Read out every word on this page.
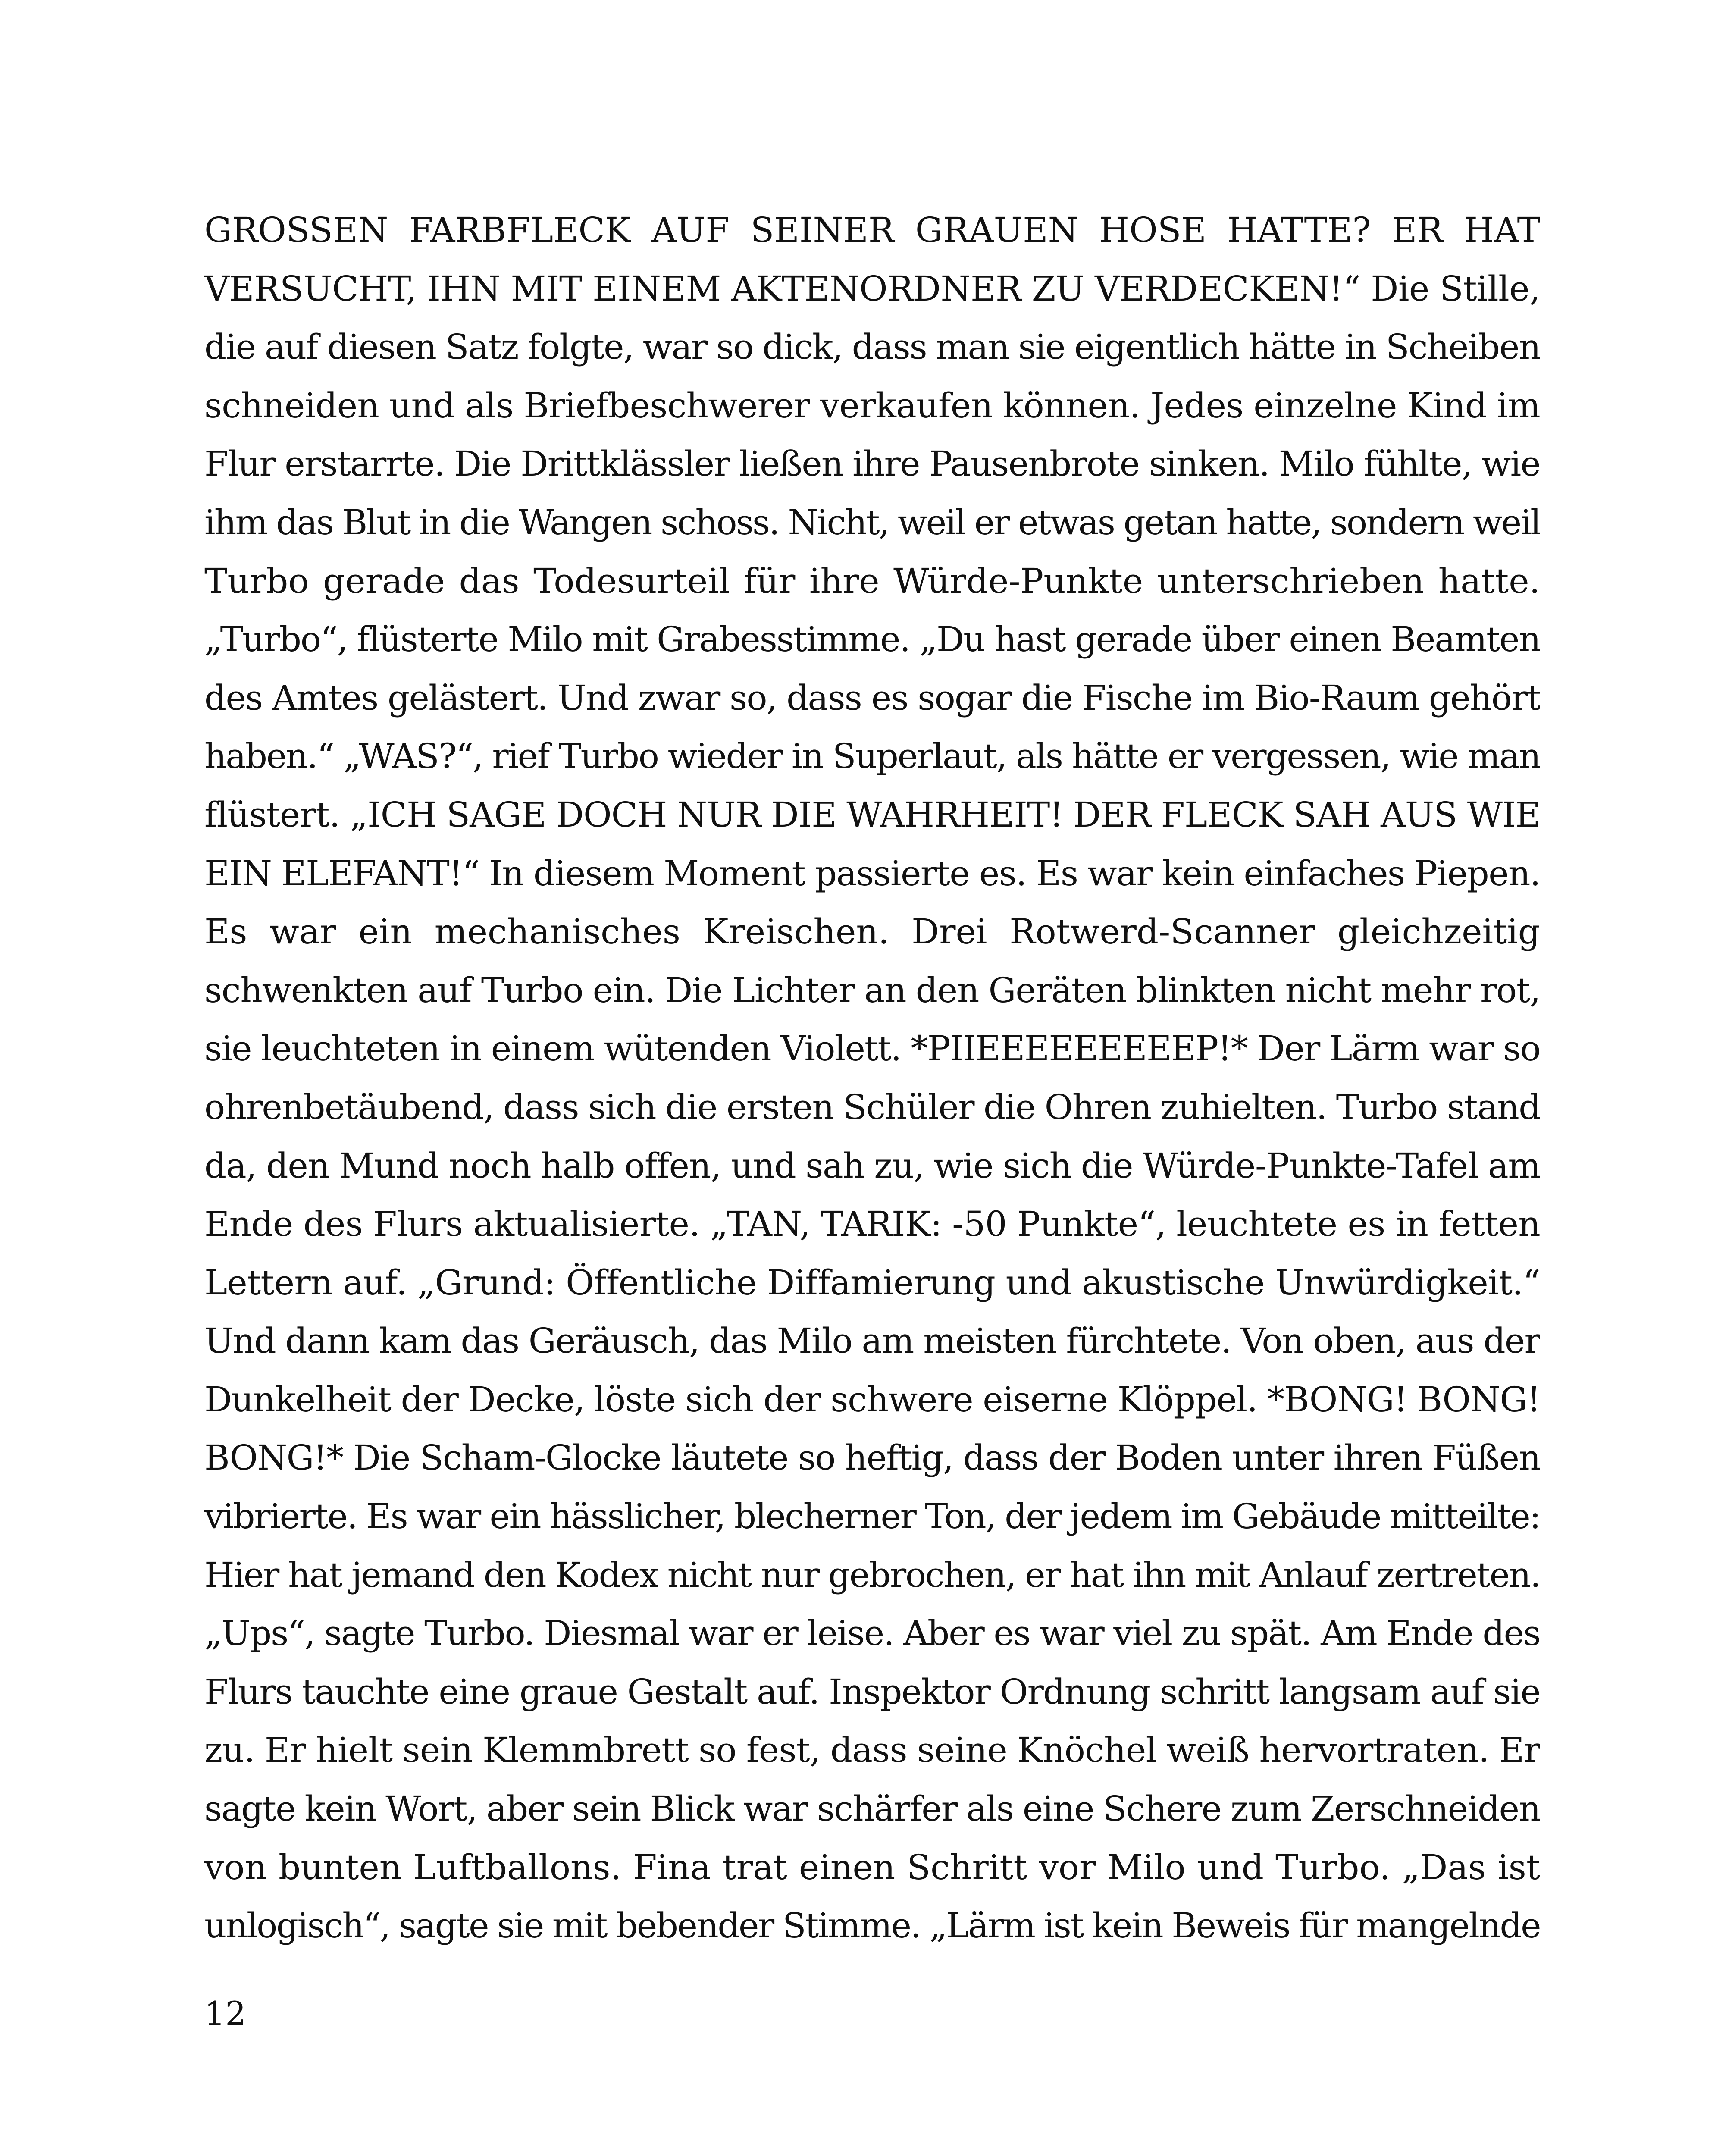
GROSSEN FARBFLECK AUF SEINER GRAUEN HOSE HATTE? ER HAT
VERSUCHT, IHN MIT EINEM AKTENORDNER ZU VERDECKEN!“ Die Stille,
die auf diesen Satz folgte, war so dick, dass man sie eigentlich hätte in Scheiben
schneiden und als Briefbeschwerer verkaufen können. Jedes einzelne Kind im
Flur erstarrte. Die Drittklässler ließen ihre Pausenbrote sinken. Milo fühlte, wie
ihm das Blut in die Wangen schoss. Nicht, weil er etwas getan hatte, sondern weil
Turbo gerade das Todesurteil für ihre Würde-Punkte unterschrieben hatte.
„Turbo“, flüsterte Milo mit Grabesstimme. „Du hast gerade über einen Beamten
des Amtes gelästert. Und zwar so, dass es sogar die Fische im Bio-Raum gehört
haben.“ „WAS?“, rief Turbo wieder in Superlaut, als hätte er vergessen, wie man
flüstert. „ICH SAGE DOCH NUR DIE WAHRHEIT! DER FLECK SAH AUS WIE
EIN ELEFANT!“ In diesem Moment passierte es. Es war kein einfaches Piepen.
Es war ein mechanisches Kreischen. Drei Rotwerd-Scanner gleichzeitig
schwenkten auf Turbo ein. Die Lichter an den Geräten blinkten nicht mehr rot,
sie leuchteten in einem wütenden Violett. *PIIEEEEEEEEEP!* Der Lärm war so
ohrenbetäubend, dass sich die ersten Schüler die Ohren zuhielten. Turbo stand
da, den Mund noch halb offen, und sah zu, wie sich die Würde-Punkte-Tafel am
Ende des Flurs aktualisierte. „TAN, TARIK: -50 Punkte“, leuchtete es in fetten
Lettern auf. „Grund: Öffentliche Diffamierung und akustische Unwürdigkeit.“
Und dann kam das Geräusch, das Milo am meisten fürchtete. Von oben, aus der
Dunkelheit der Decke, löste sich der schwere eiserne Klöppel. *BONG! BONG!
BONG!* Die Scham-Glocke läutete so heftig, dass der Boden unter ihren Füßen
vibrierte. Es war ein hässlicher, blecherner Ton, der jedem im Gebäude mitteilte:
Hier hat jemand den Kodex nicht nur gebrochen, er hat ihn mit Anlauf zertreten.
„Ups“, sagte Turbo. Diesmal war er leise. Aber es war viel zu spät. Am Ende des
Flurs tauchte eine graue Gestalt auf. Inspektor Ordnung schritt langsam auf sie
zu. Er hielt sein Klemmbrett so fest, dass seine Knöchel weiß hervortraten. Er
sagte kein Wort, aber sein Blick war schärfer als eine Schere zum Zerschneiden
von bunten Luftballons. Fina trat einen Schritt vor Milo und Turbo. „Das ist
unlogisch“, sagte sie mit bebender Stimme. „Lärm ist kein Beweis für mangelnde
12
